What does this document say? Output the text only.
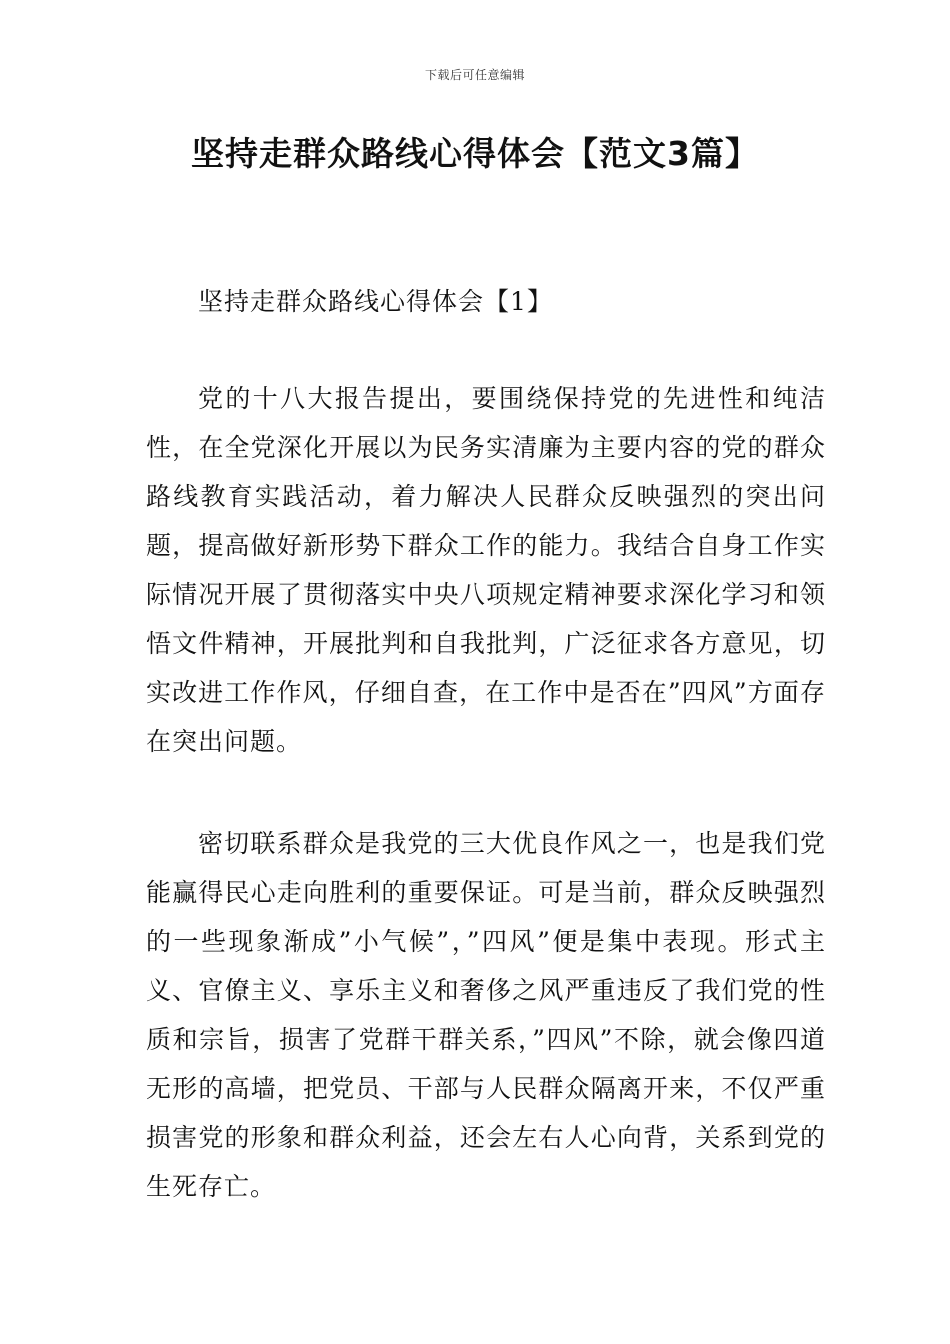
下载后可任意编辑
坚持走群众路线心得体会【范文3篇】

坚持走群众路线心得体会【1】

党的十八大报告提出，要围绕保持党的先进性和纯洁性，在全党深化开展以为民务实清廉为主要内容的党的群众路线教育实践活动，着力解决人民群众反映强烈的突出问题，提高做好新形势下群众工作的能力。我结合自身工作实际情况开展了贯彻落实中央八项规定精神要求深化学习和领悟文件精神，开展批判和自我批判，广泛征求各方意见，切实改进工作作风，仔细自查，在工作中是否在”四风”方面存在突出问题。

密切联系群众是我党的三大优良作风之一，也是我们党能赢得民心走向胜利的重要保证。可是当前，群众反映强烈的一些现象渐成”小气候”，”四风”便是集中表现。形式主义、官僚主义、享乐主义和奢侈之风严重违反了我们党的性质和宗旨，损害了党群干群关系，”四风”不除，就会像四道无形的高墙，把党员、干部与人民群众隔离开来，不仅严重损害党的形象和群众利益，还会左右人心向背，关系到党的生死存亡。
